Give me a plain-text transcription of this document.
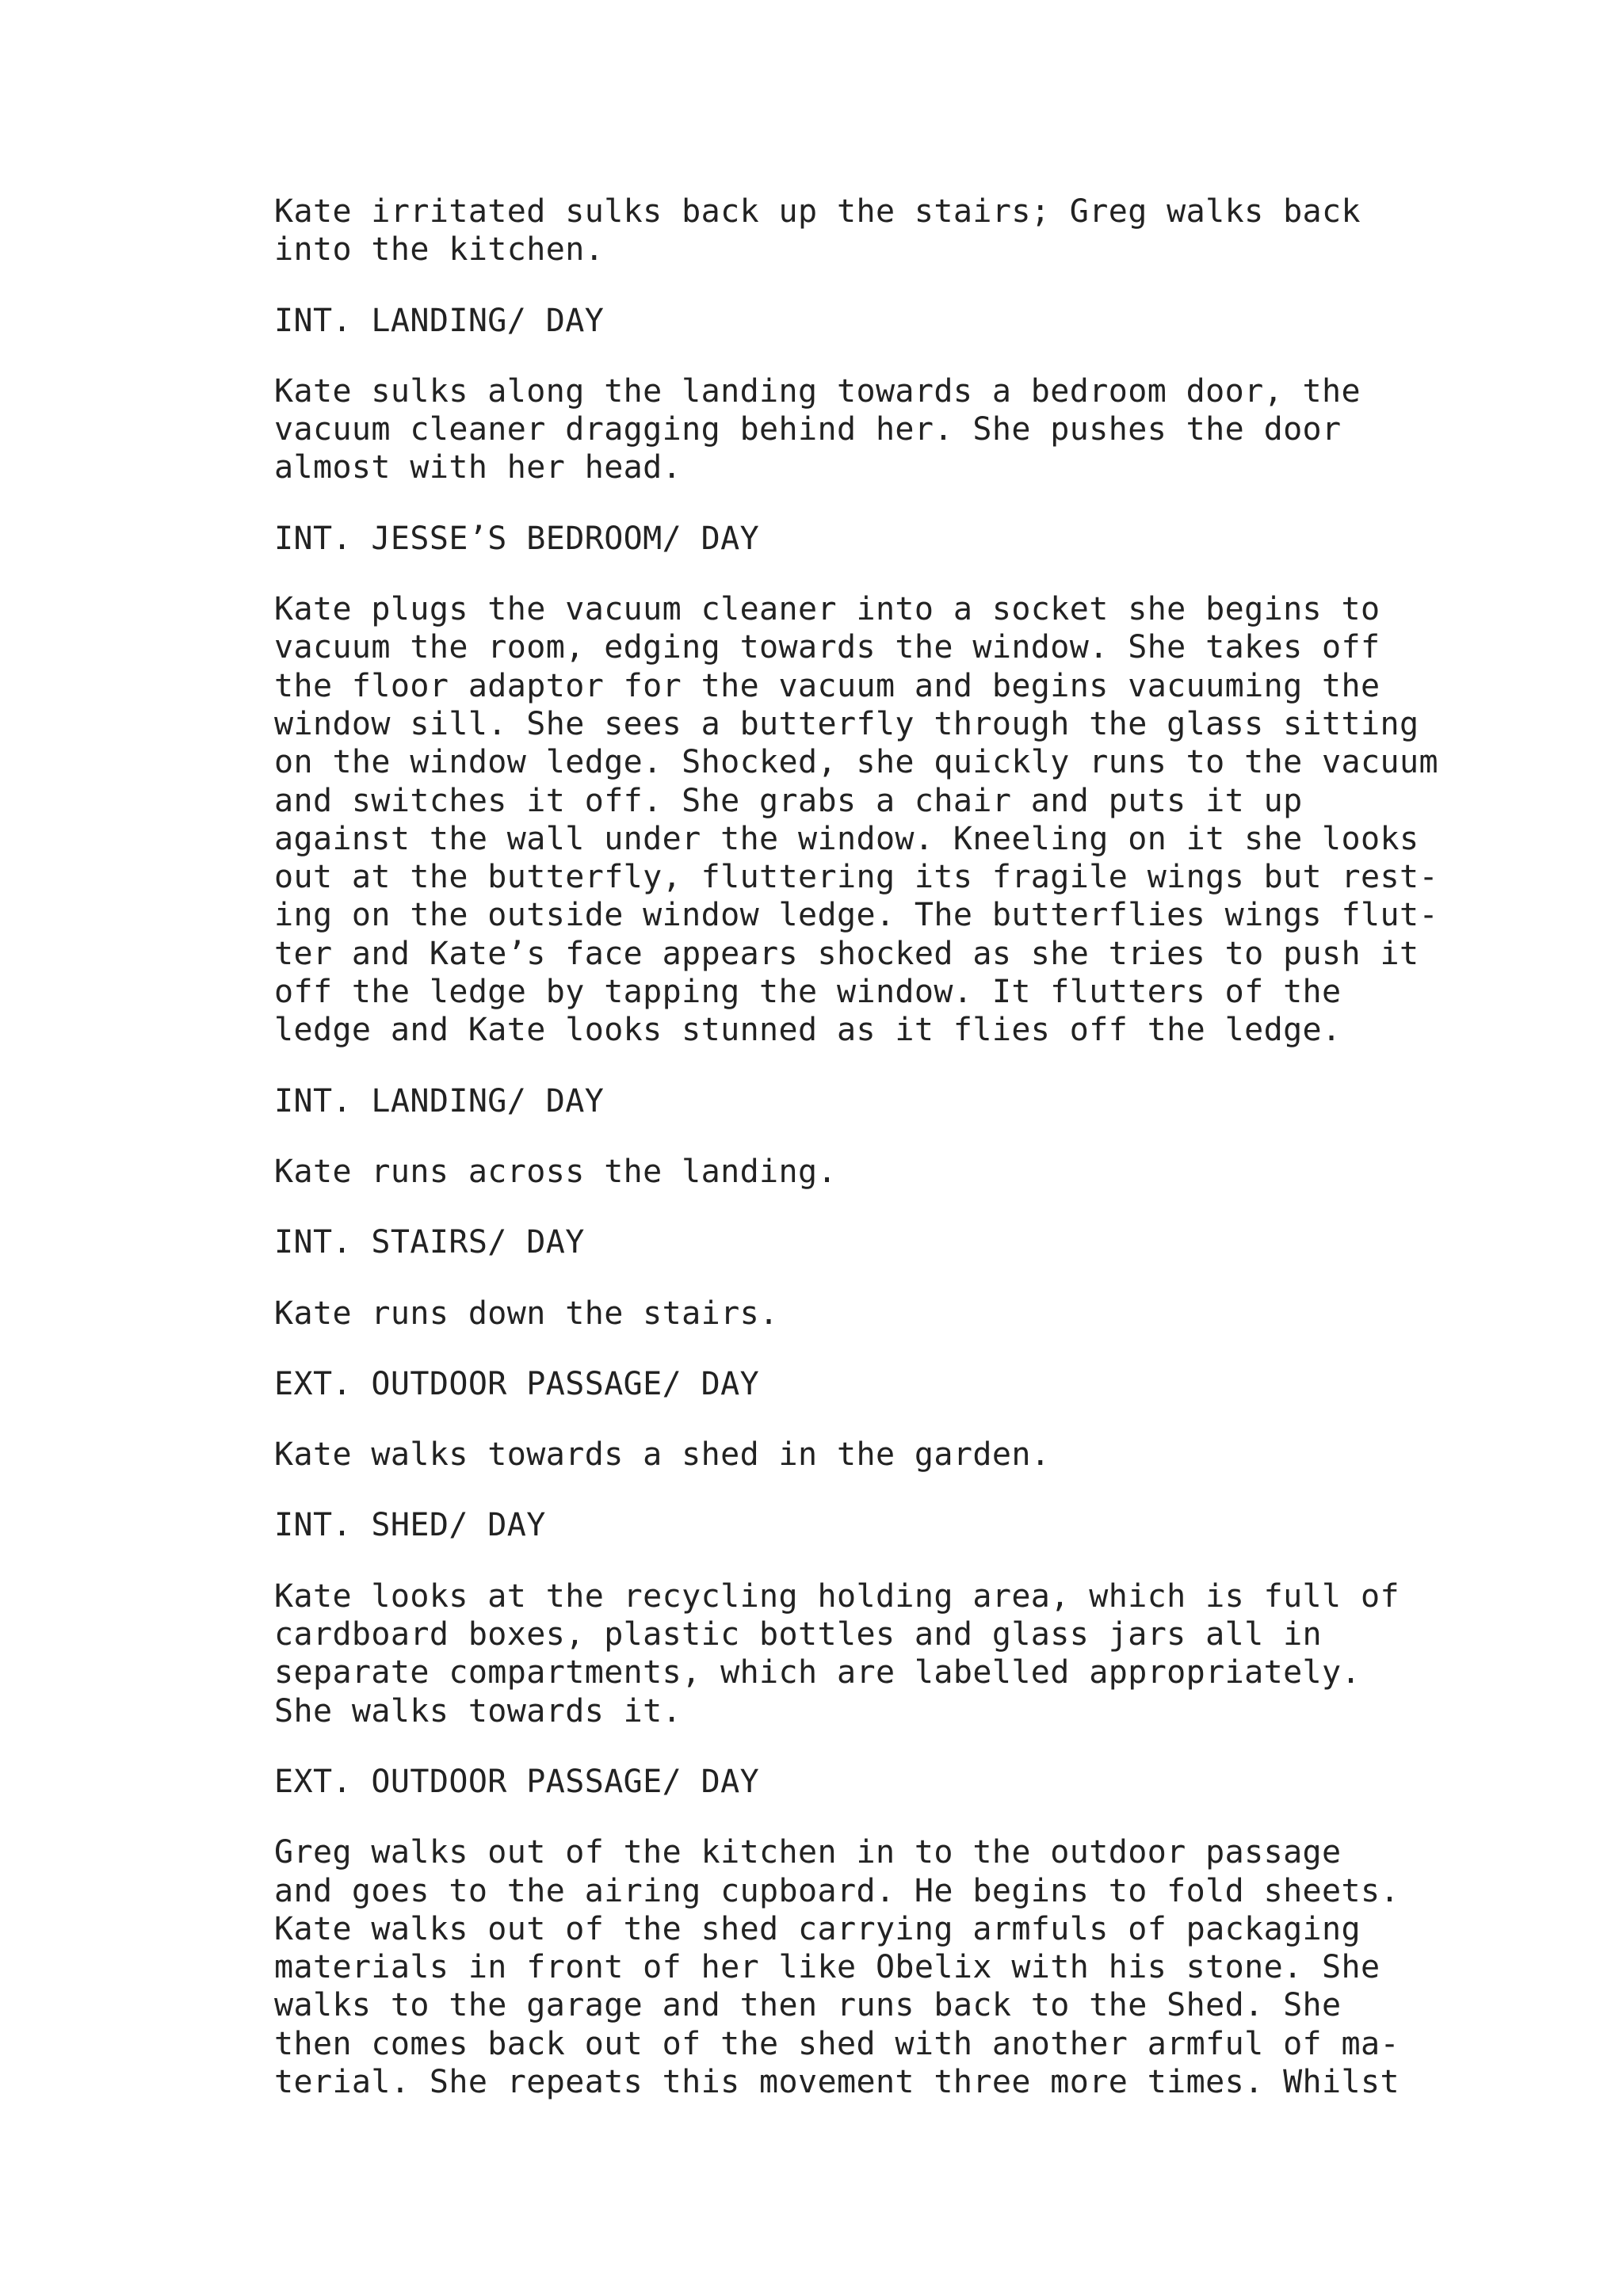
Kate irritated sulks back up the stairs; Greg walks back
into the kitchen.
INT. LANDING/ DAY
Kate sulks along the landing towards a bedroom door, the
vacuum cleaner dragging behind her. She pushes the door
almost with her head.
INT. JESSE’S BEDROOM/ DAY
Kate plugs the vacuum cleaner into a socket she begins to
vacuum the room, edging towards the window. She takes off
the floor adaptor for the vacuum and begins vacuuming the
window sill. She sees a butterfly through the glass sitting
on the window ledge. Shocked, she quickly runs to the vacuum
and switches it off. She grabs a chair and puts it up
against the wall under the window. Kneeling on it she looks
out at the butterfly, fluttering its fragile wings but rest-
ing on the outside window ledge. The butterflies wings flut-
ter and Kate’s face appears shocked as she tries to push it
off the ledge by tapping the window. It flutters of the
ledge and Kate looks stunned as it flies off the ledge.
INT. LANDING/ DAY
Kate runs across the landing.
INT. STAIRS/ DAY
Kate runs down the stairs.
EXT. OUTDOOR PASSAGE/ DAY
Kate walks towards a shed in the garden.
INT. SHED/ DAY
Kate looks at the recycling holding area, which is full of
cardboard boxes, plastic bottles and glass jars all in
separate compartments, which are labelled appropriately.
She walks towards it.
EXT. OUTDOOR PASSAGE/ DAY
Greg walks out of the kitchen in to the outdoor passage
and goes to the airing cupboard. He begins to fold sheets.
Kate walks out of the shed carrying armfuls of packaging
materials in front of her like Obelix with his stone. She
walks to the garage and then runs back to the Shed. She
then comes back out of the shed with another armful of ma-
terial. She repeats this movement three more times. Whilst
